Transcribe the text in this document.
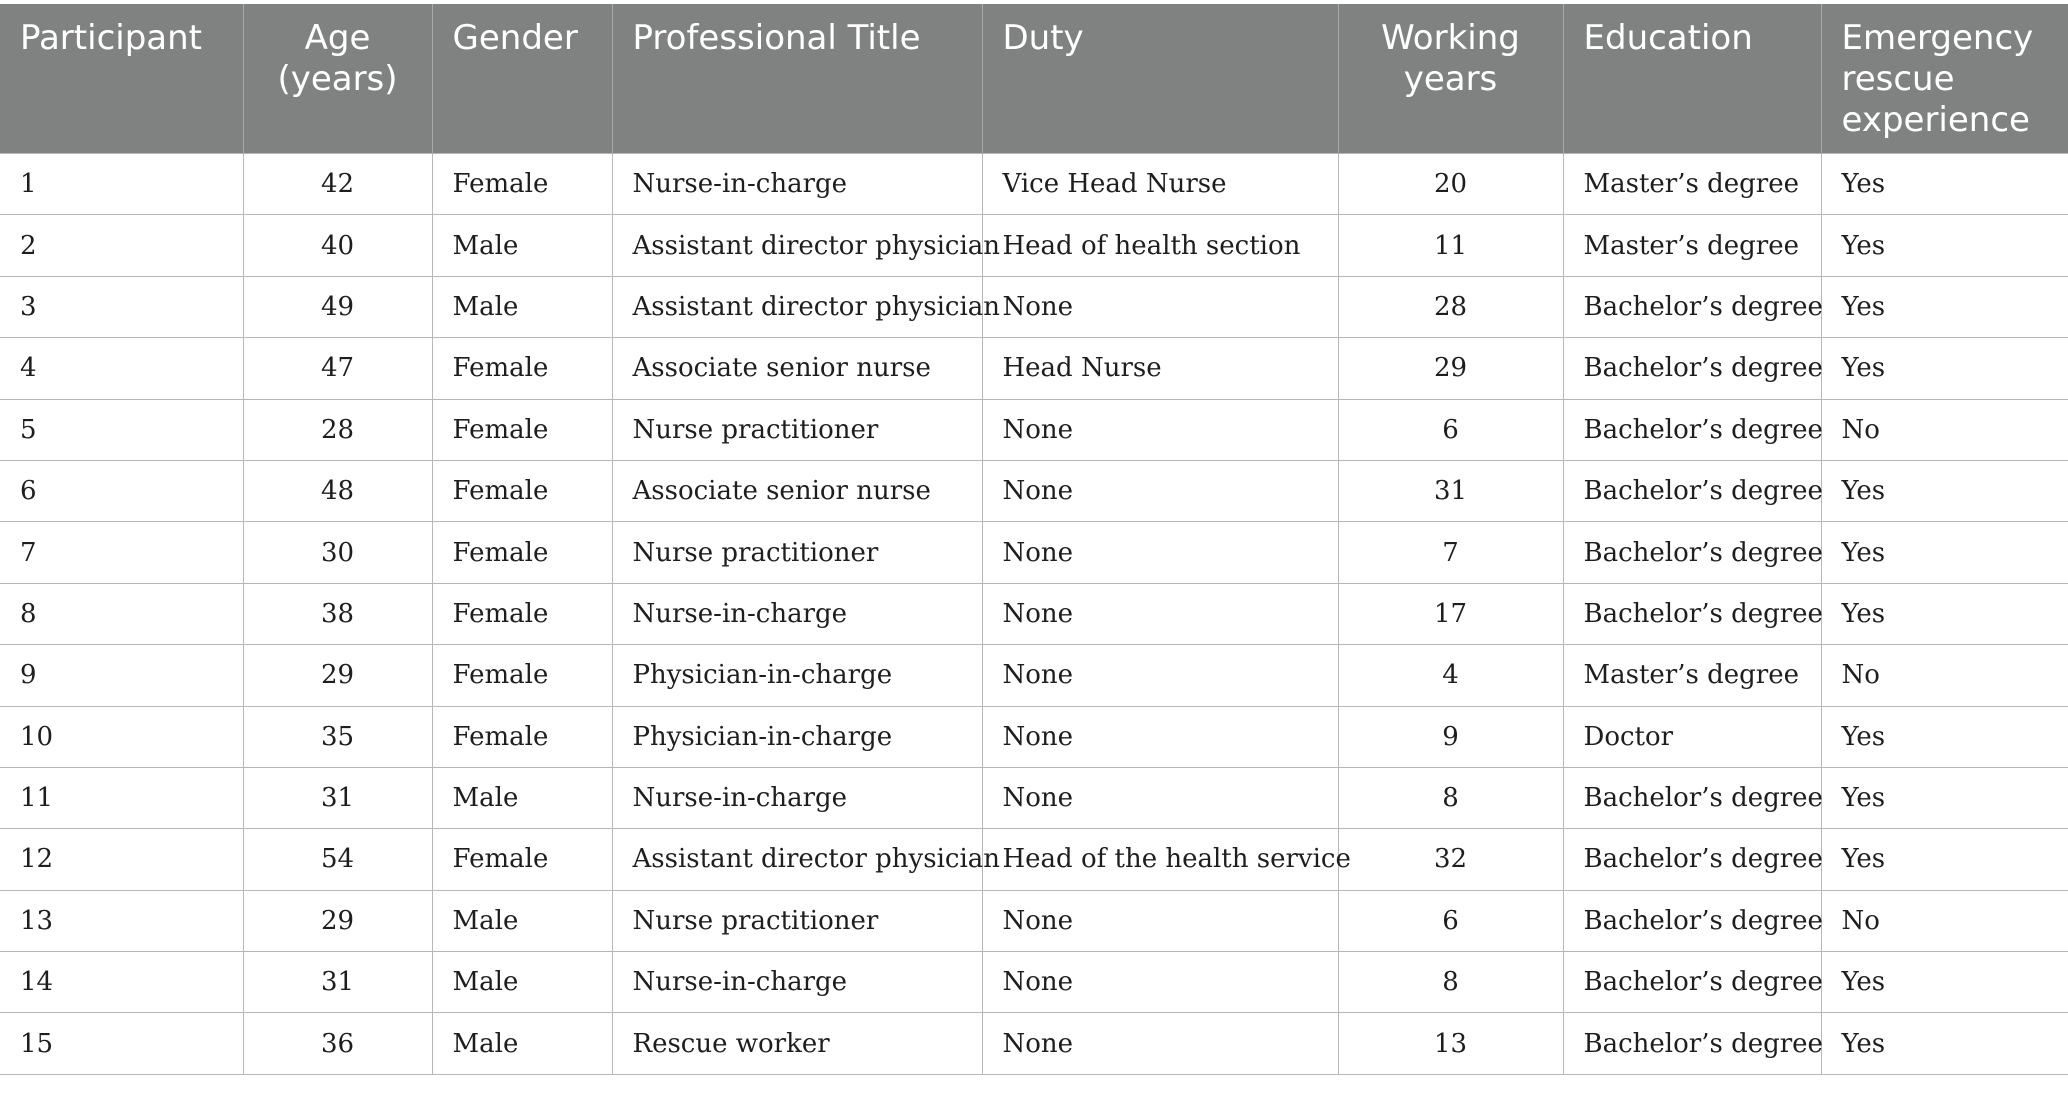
Participant	Age (years)	Gender	Professional Title	Duty	Working years	Education	Emergency rescue experience
1	42	Female	Nurse-in-charge	Vice Head Nurse	20	Master’s degree	Yes
2	40	Male	Assistant director physician	Head of health section	11	Master’s degree	Yes
3	49	Male	Assistant director physician	None	28	Bachelor’s degree	Yes
4	47	Female	Associate senior nurse	Head Nurse	29	Bachelor’s degree	Yes
5	28	Female	Nurse practitioner	None	6	Bachelor’s degree	No
6	48	Female	Associate senior nurse	None	31	Bachelor’s degree	Yes
7	30	Female	Nurse practitioner	None	7	Bachelor’s degree	Yes
8	38	Female	Nurse-in-charge	None	17	Bachelor’s degree	Yes
9	29	Female	Physician-in-charge	None	4	Master’s degree	No
10	35	Female	Physician-in-charge	None	9	Doctor	Yes
11	31	Male	Nurse-in-charge	None	8	Bachelor’s degree	Yes
12	54	Female	Assistant director physician	Head of the health service	32	Bachelor’s degree	Yes
13	29	Male	Nurse practitioner	None	6	Bachelor’s degree	No
14	31	Male	Nurse-in-charge	None	8	Bachelor’s degree	Yes
15	36	Male	Rescue worker	None	13	Bachelor’s degree	Yes
